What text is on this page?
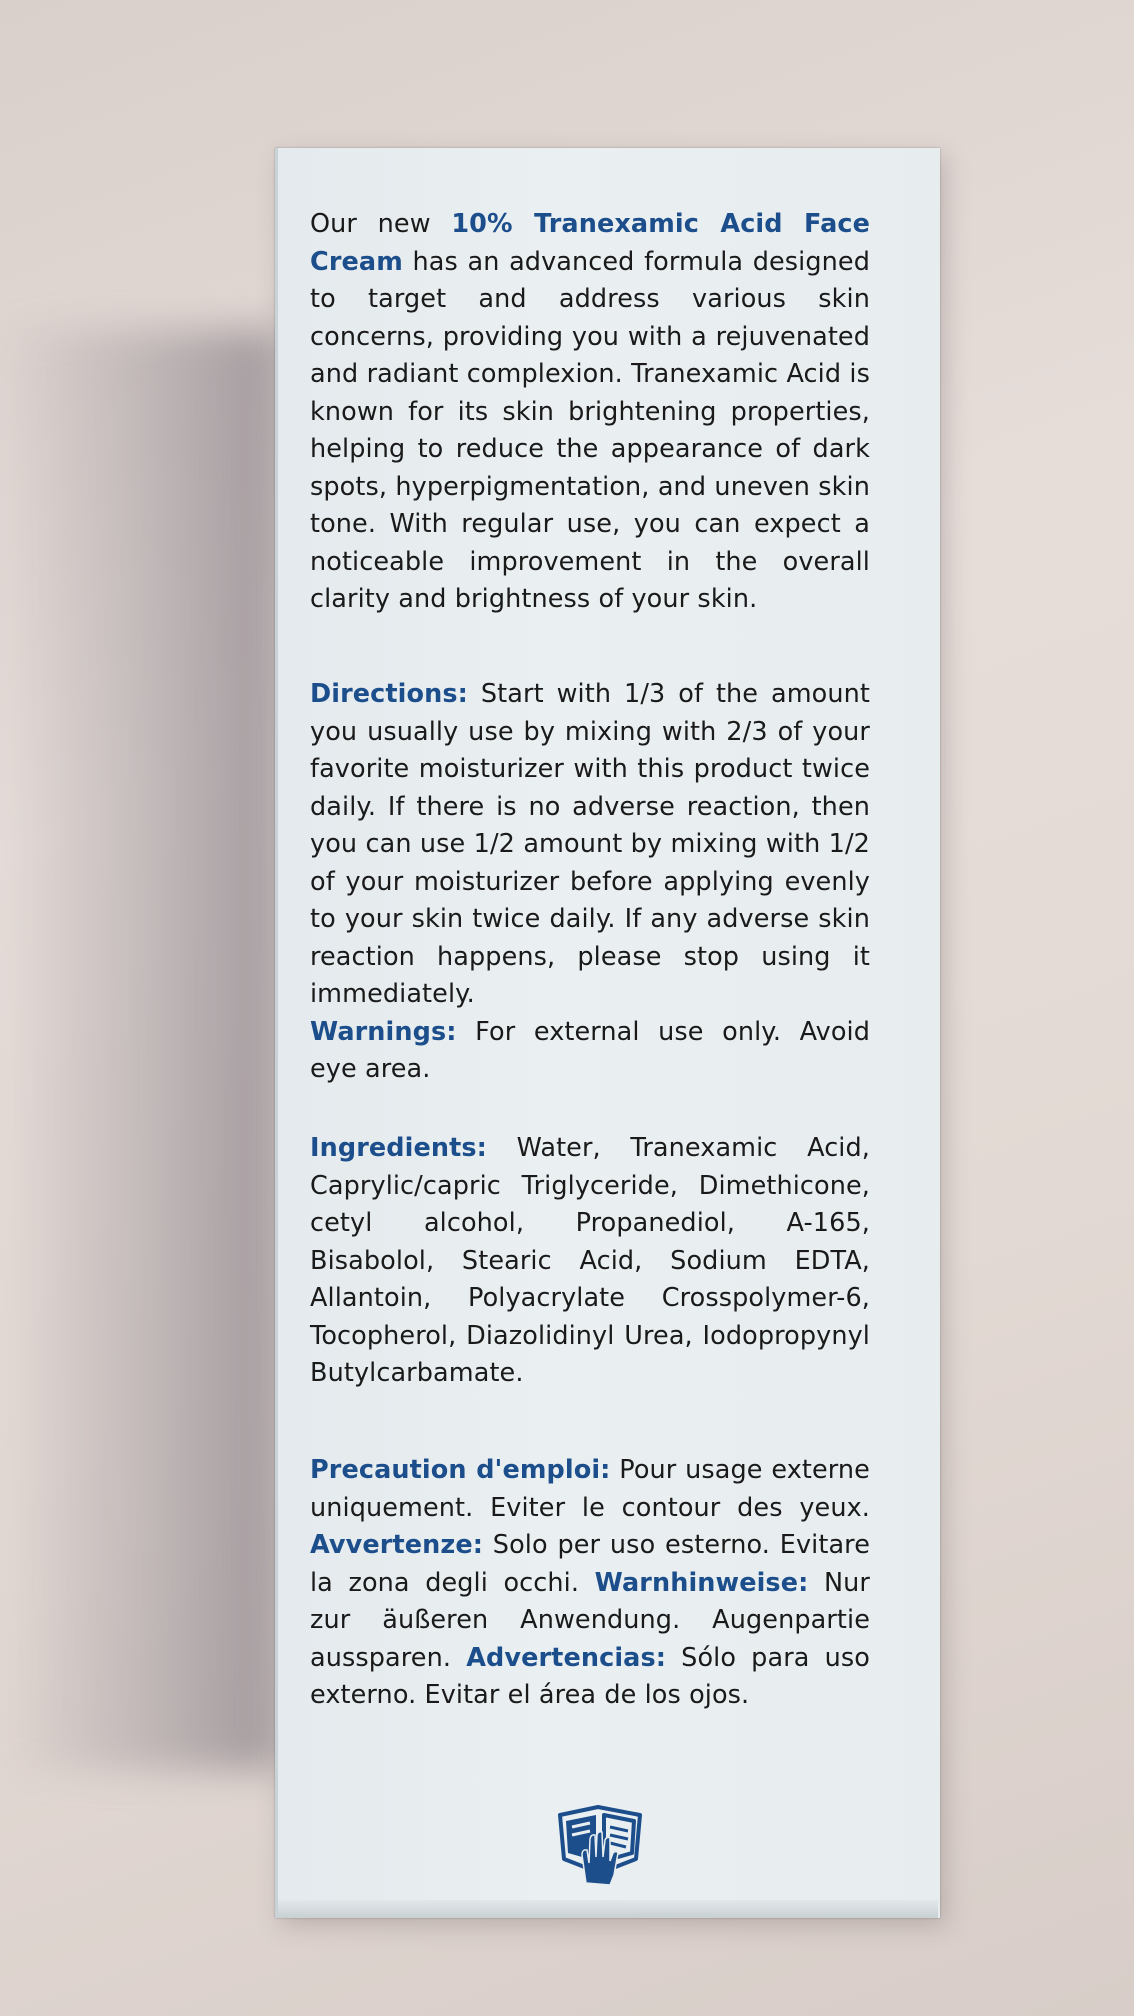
Our new 10% Tranexamic Acid Face Cream has an advanced formula designed to target and address various skin concerns, providing you with a rejuvenated and radiant complexion. Tranexamic Acid is known for its skin brightening properties, helping to reduce the appearance of dark spots, hyperpigmentation, and uneven skin tone. With regular use, you can expect a noticeable improvement in the overall clarity and brightness of your skin.
Directions: Start with 1/3 of the amount you usually use by mixing with 2/3 of your favorite moisturizer with this product twice daily. If there is no adverse reaction, then you can use 1/2 amount by mixing with 1/2 of your moisturizer before applying evenly to your skin twice daily. If any adverse skin reaction happens, please stop using it immediately.
Warnings: For external use only. Avoid eye area.
Ingredients: Water, Tranexamic Acid, Caprylic/capric Triglyceride, Dimethicone, cetyl alcohol, Propanediol, A-165, Bisabolol, Stearic Acid, Sodium EDTA, Allantoin, Polyacrylate Crosspolymer-6, Tocopherol, Diazolidinyl Urea, Iodopropynyl Butylcarbamate.
Precaution d'emploi: Pour usage externe uniquement. Eviter le contour des yeux. Avvertenze: Solo per uso esterno. Evitare la zona degli occhi. Warnhinweise: Nur zur äußeren Anwendung. Augenpartie aussparen. Advertencias: Sólo para uso externo. Evitar el área de los ojos.
